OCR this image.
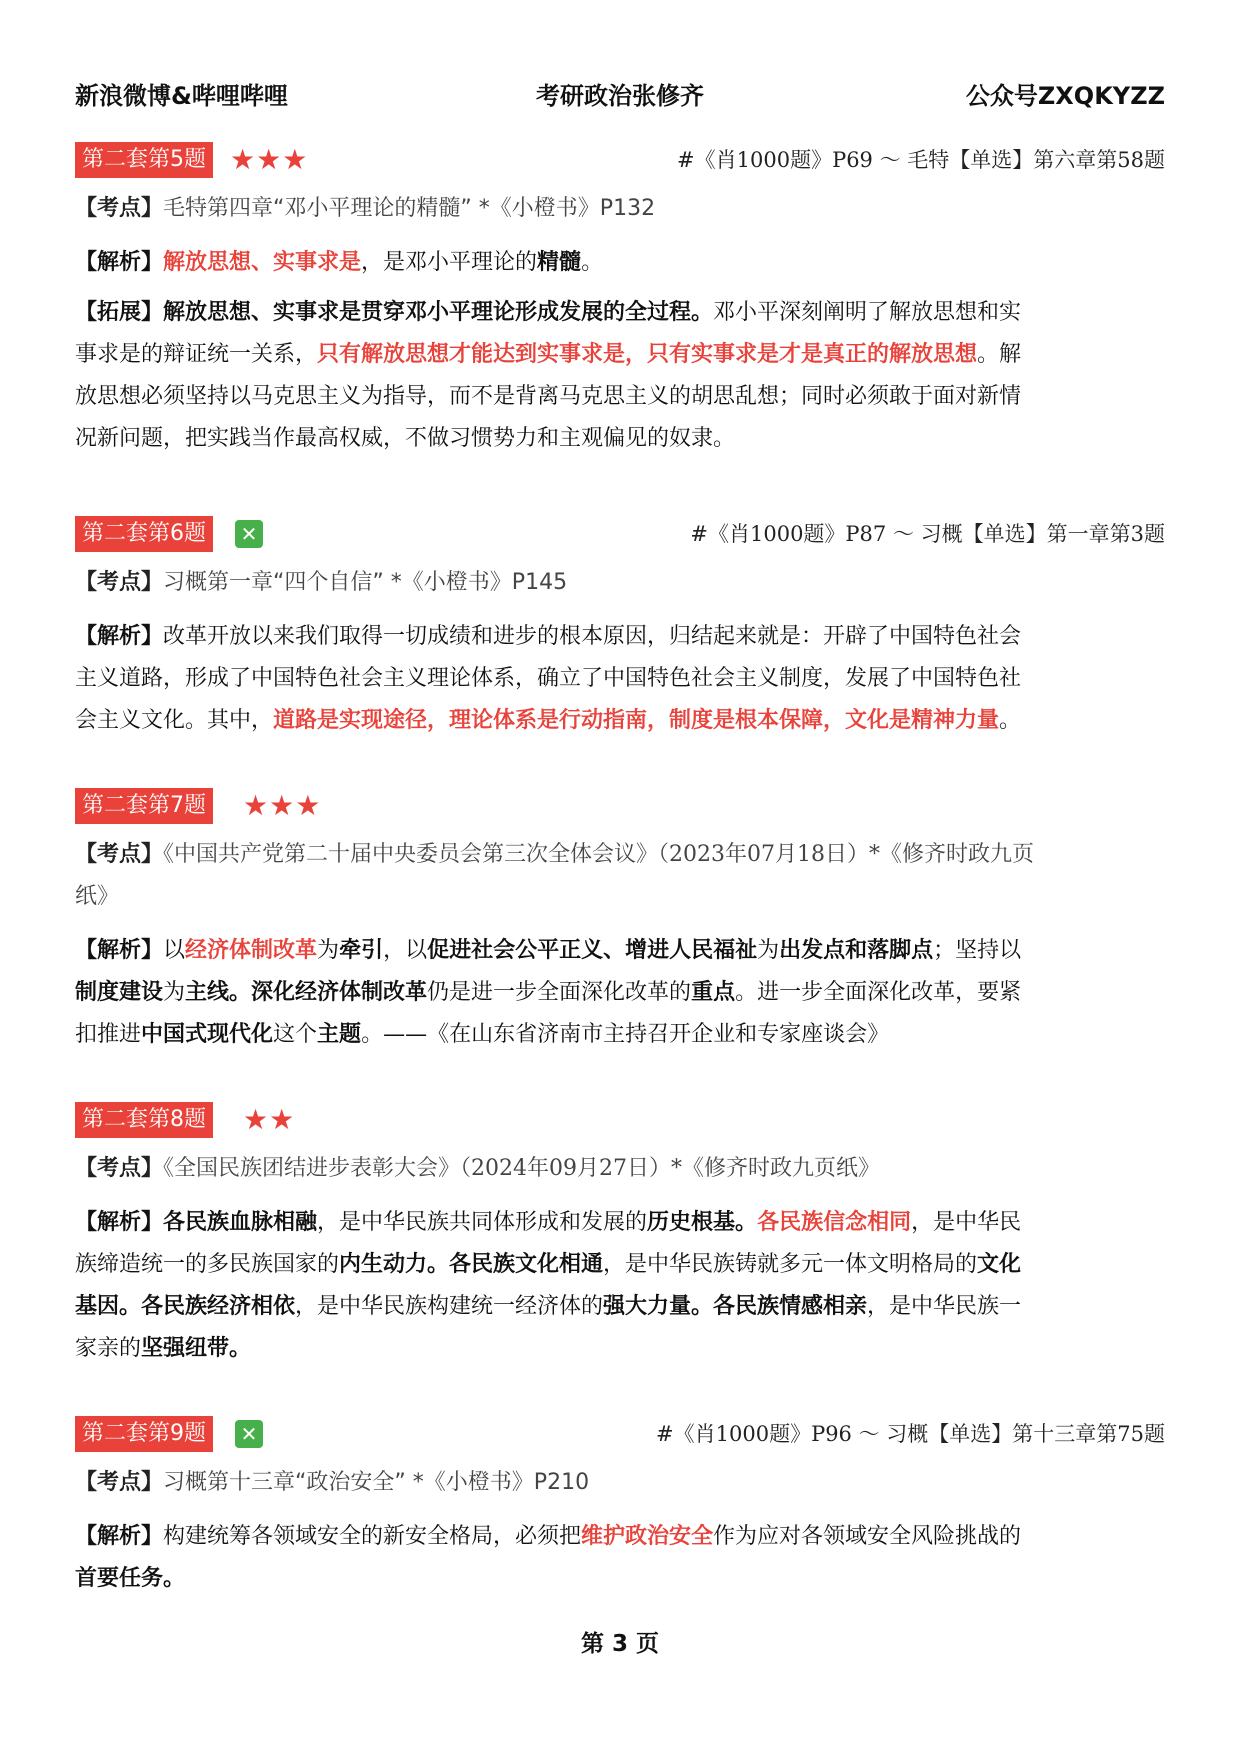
新浪微博&哔哩哔哩	考研政治张修齐	公众号ZXQKYZZ
第二套第5题 ★★★	#《肖1000题》P69 ～ 毛特【单选】第六章第58题
【考点】毛特第四章“邓小平理论的精髓” *《小橙书》P132
【解析】解放思想、实事求是，是邓小平理论的精髓。
【拓展】解放思想、实事求是贯穿邓小平理论形成发展的全过程。邓小平深刻阐明了解放思想和实
事求是的辩证统一关系，只有解放思想才能达到实事求是，只有实事求是才是真正的解放思想。解
放思想必须坚持以马克思主义为指导，而不是背离马克思主义的胡思乱想；同时必须敢于面对新情
况新问题，把实践当作最高权威，不做习惯势力和主观偏见的奴隶。
第二套第6题	✕	#《肖1000题》P87 ～ 习概【单选】第一章第3题
【考点】习概第一章“四个自信” *《小橙书》P145
【解析】改革开放以来我们取得一切成绩和进步的根本原因，归结起来就是：开辟了中国特色社会
主义道路，形成了中国特色社会主义理论体系，确立了中国特色社会主义制度，发展了中国特色社
会主义文化。其中，道路是实现途径，理论体系是行动指南，制度是根本保障，文化是精神力量。
第二套第7题 ★★★
【考点】《中国共产党第二十届中央委员会第三次全体会议》（2023年07月18日）*《修齐时政九页
纸》
【解析】以经济体制改革为牵引，以促进社会公平正义、增进人民福祉为出发点和落脚点；坚持以
制度建设为主线。深化经济体制改革仍是进一步全面深化改革的重点。进一步全面深化改革，要紧
扣推进中国式现代化这个主题。——《在山东省济南市主持召开企业和专家座谈会》
第二套第8题 ★★
【考点】《全国民族团结进步表彰大会》（2024年09月27日）*《修齐时政九页纸》
【解析】各民族血脉相融，是中华民族共同体形成和发展的历史根基。各民族信念相同，是中华民
族缔造统一的多民族国家的内生动力。各民族文化相通，是中华民族铸就多元一体文明格局的文化
基因。各民族经济相依，是中华民族构建统一经济体的强大力量。各民族情感相亲，是中华民族一
家亲的坚强纽带。
第二套第9题	✕	#《肖1000题》P96 ～ 习概【单选】第十三章第75题
【考点】习概第十三章“政治安全” *《小橙书》P210
【解析】构建统筹各领域安全的新安全格局，必须把维护政治安全作为应对各领域安全风险挑战的
首要任务。
第 3 页
